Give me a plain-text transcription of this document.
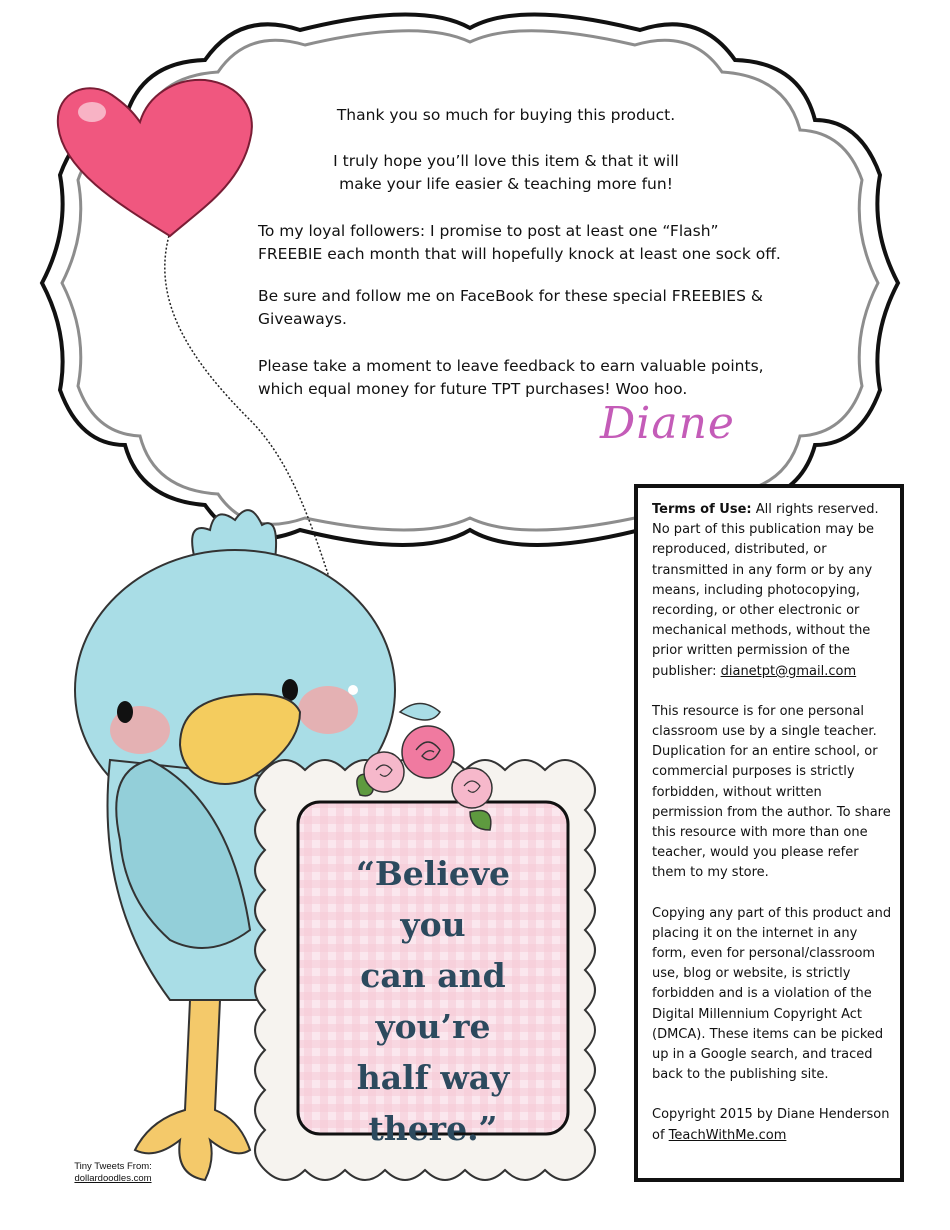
Thank you so much for buying this product.
I truly hope you’ll love this item & that it will
make your life easier & teaching more fun!
To my loyal followers: I promise to post at least one “Flash”
FREEBIE each month that will hopefully knock at least one sock off.
Be sure and follow me on FaceBook for these special FREEBIES &
Giveaways.
Please take a moment to leave feedback to earn valuable points,
which equal money for future TPT purchases! Woo hoo.
Diane

Terms of Use: All rights reserved. No part of this publication may be reproduced, distributed, or transmitted in any form or by any means, including photocopying, recording, or other electronic or mechanical methods, without the prior written permission of the publisher: dianetpt@gmail.com

This resource is for one personal classroom use by a single teacher. Duplication for an entire school, or commercial purposes is strictly forbidden, without written permission from the author. To share this resource with more than one teacher, would you please refer them to my store.

Copying any part of this product and placing it on the internet in any form, even for personal/classroom use, blog or website, is strictly forbidden and is a violation of the Digital Millennium Copyright Act (DMCA). These items can be picked up in a Google search, and traced back to the publishing site.

Copyright 2015 by Diane Henderson of TeachWithMe.com

“Believe you
can and
you’re
half way
there.”
Tiny Tweets From:
dollardoodles.com
